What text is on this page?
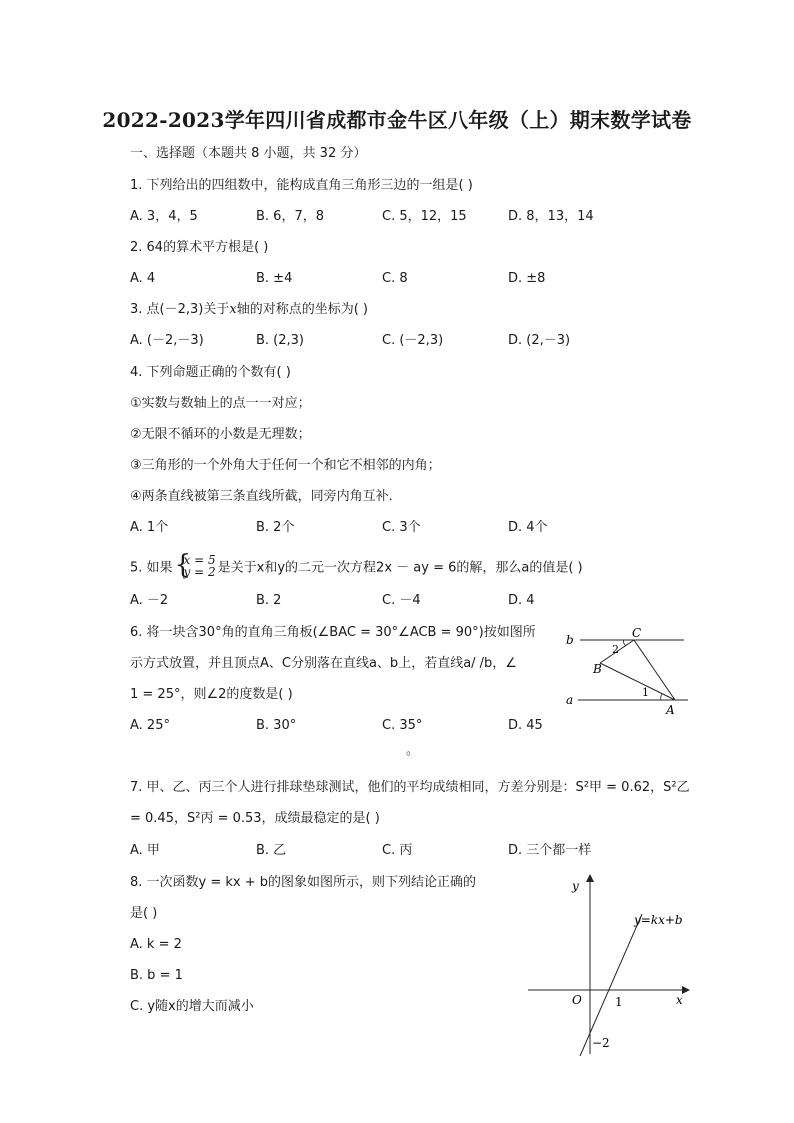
2022-2023学年四川省成都市金牛区八年级（上）期末数学试卷
一、选择题（本题共 8 小题，共 32 分）
1. 下列给出的四组数中，能构成直角三角形三边的一组是( )
A. 3，4，5	B. 6，7，8	C. 5，12，15	D. 8，13，14
2. 64的算术平方根是( )
A. 4	B. ±4	C. 8	D. ±8
3. 点(－2,3)关于x轴的对称点的坐标为( )
A. (－2,－3)	B. (2,3)	C. (－2,3)	D. (2,－3)
4. 下列命题正确的个数有( )
①实数与数轴上的点一一对应；
②无限不循环的小数是无理数；
③三角形的一个外角大于任何一个和它不相邻的内角；
④两条直线被第三条直线所截，同旁内角互补．
A. 1个	B. 2个	C. 3个	D. 4个
5. 如果 {
x = 5
y = 2 是关于x和y的二元一次方程2x － ay = 6的解，那么a的值是( )
A. －2	B. 2	C. －4	D. 4
6. 将一块含30°角的直角三角板(∠BAC = 30°∠ACB = 90°)按如图所
示方式放置，并且顶点A、C分别落在直线a、b上，若直线a/ /b，∠
1 = 25°，则∠2的度数是( )
A. 25°	B. 30°	C. 35°	D. 45
。
b
a
C
B
A
1
2
7. 甲、乙、丙三个人进行排球垫球测试，他们的平均成绩相同，方差分别是：S²甲 = 0.62，S²乙
= 0.45，S²丙 = 0.53，成绩最稳定的是( )
A. 甲	B. 乙	C. 丙	D. 三个都一样
8. 一次函数y = kx + b的图象如图所示，则下列结论正确的
是( )
A. k = 2
B. b = 1
C. y随x的增大而减小
y
x
O	1
−2
y=kx+b
